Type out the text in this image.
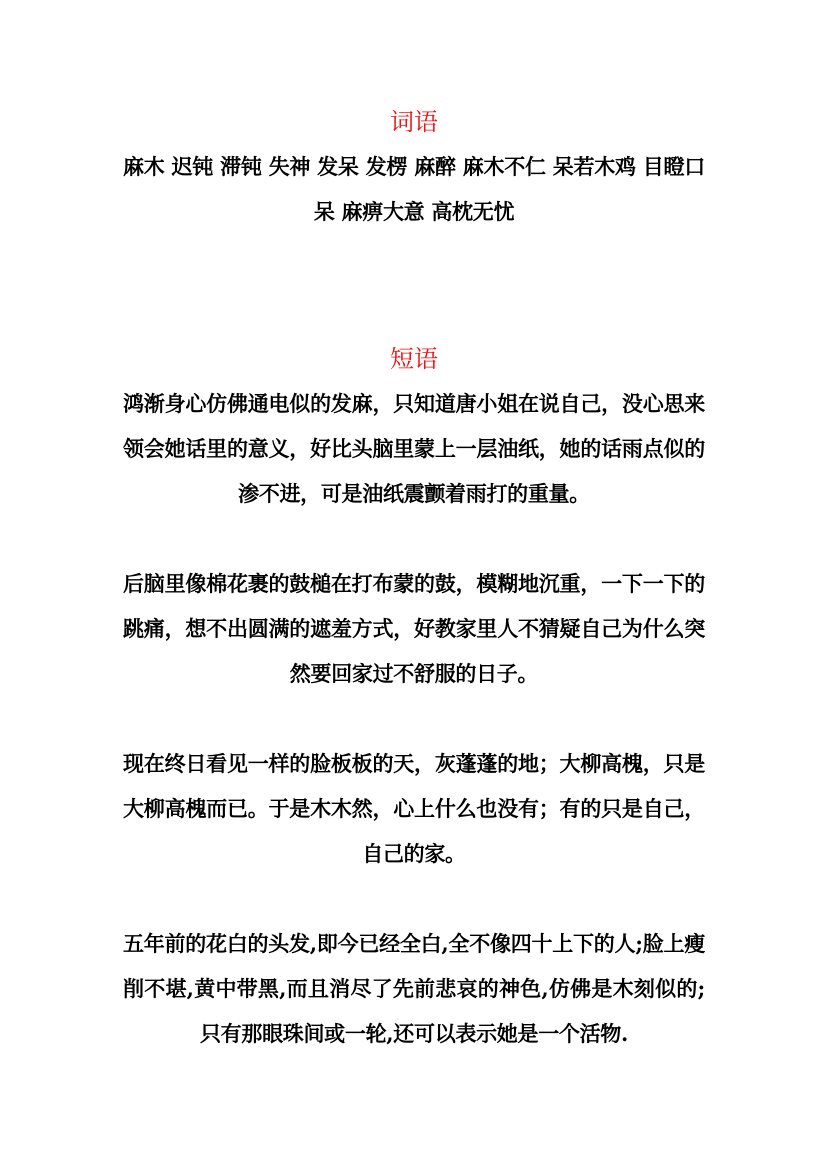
词语

麻木 迟钝 滞钝 失神 发呆 发楞 麻醉 麻木不仁 呆若木鸡 目瞪口呆 麻痹大意 高枕无忧

短语

鸿渐身心仿佛通电似的发麻，只知道唐小姐在说自己，没心思来领会她话里的意义，好比头脑里蒙上一层油纸，她的话雨点似的渗不进，可是油纸震颤着雨打的重量。

后脑里像棉花裹的鼓槌在打布蒙的鼓，模糊地沉重，一下一下的跳痛，想不出圆满的遮羞方式，好教家里人不猜疑自己为什么突然要回家过不舒服的日子。

现在终日看见一样的脸板板的天，灰蓬蓬的地；大柳高槐，只是大柳高槐而已。于是木木然，心上什么也没有；有的只是自己，自己的家。

五年前的花白的头发,即今已经全白,全不像四十上下的人;脸上瘦削不堪,黄中带黑,而且消尽了先前悲哀的神色,仿佛是木刻似的;只有那眼珠间或一轮,还可以表示她是一个活物.
